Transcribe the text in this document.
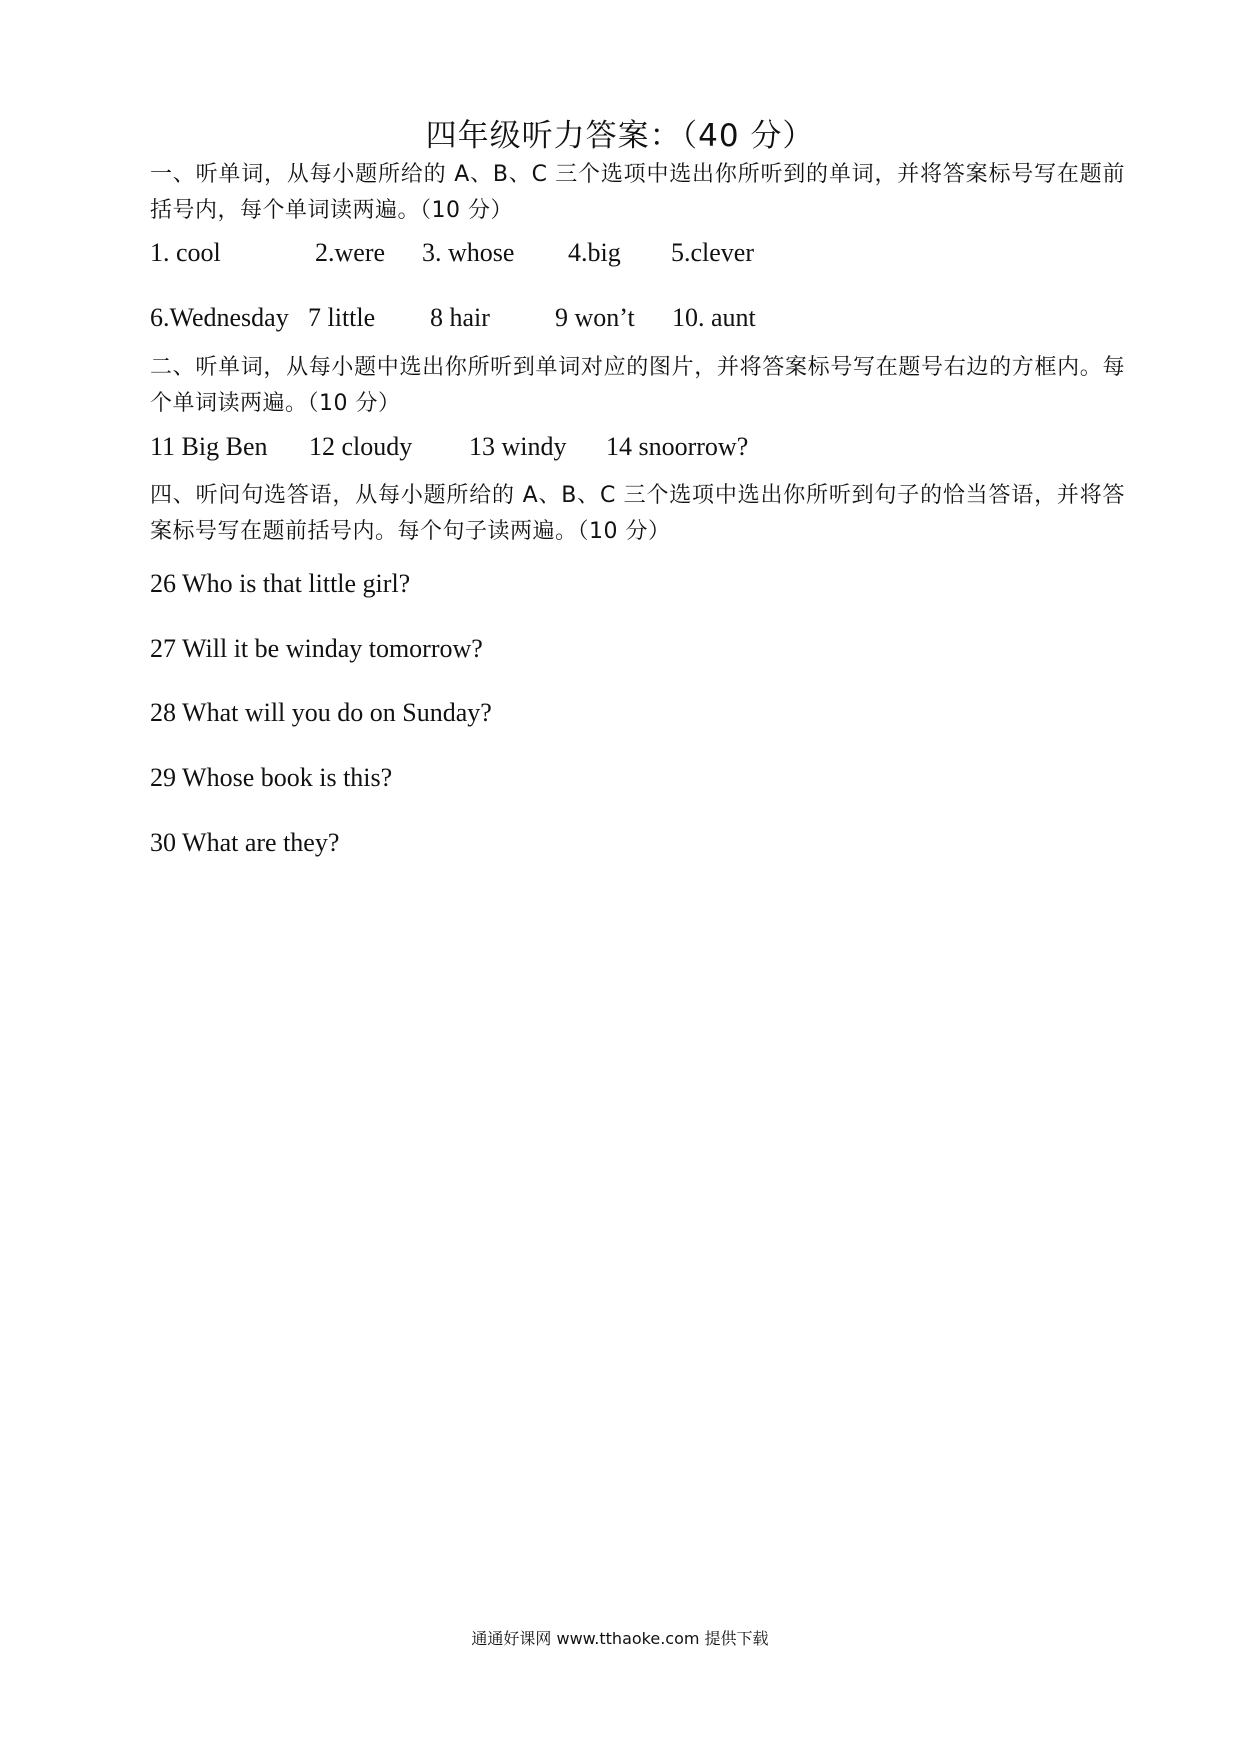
四年级听力答案：（40 分）
一、听单词，从每小题所给的 A、B、C 三个选项中选出你所听到的单词，并将答案标号写在题前括号内，每个单词读两遍。（10 分）
1. cool	2.were 3. whose 4.big 5.clever
6.Wednesday 7 little 8 hair	9 won’t 10. aunt
二、听单词，从每小题中选出你所听到单词对应的图片，并将答案标号写在题号右边的方框内。每个单词读两遍。（10 分）
11 Big Ben 12 cloudy 13 windy 14 snoorrow?
四、听问句选答语，从每小题所给的 A、B、C 三个选项中选出你所听到句子的恰当答语，并将答案标号写在题前括号内。每个句子读两遍。（10 分）
26 Who is that little girl?
27 Will it be winday tomorrow?
28 What will you do on Sunday?
29 Whose book is this?
30 What are they?
通通好课网 www.tthaoke.com 提供下载
